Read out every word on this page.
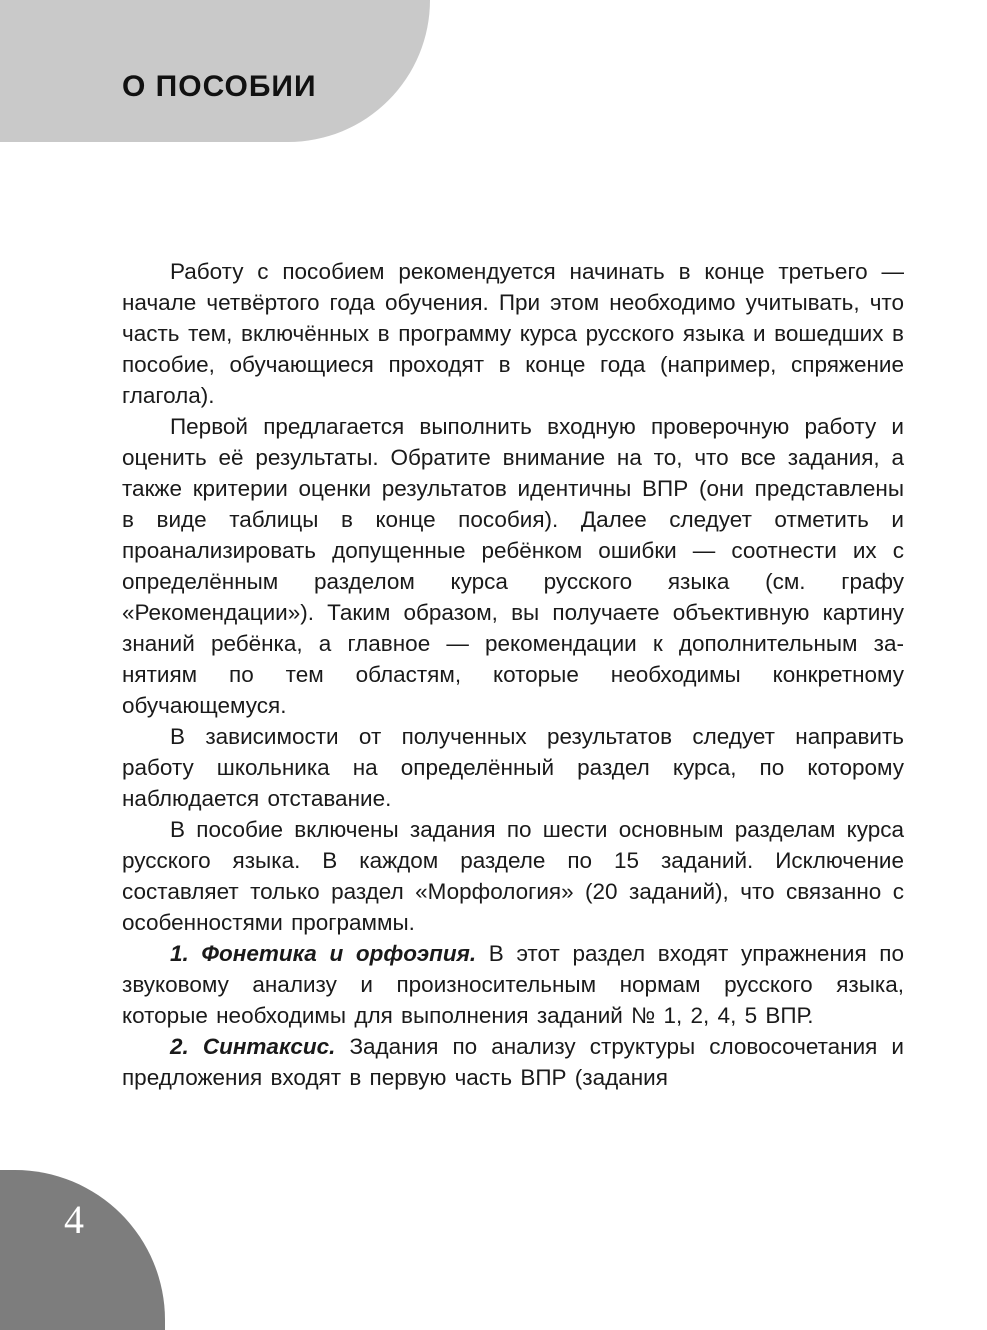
О ПОСОБИИ

Работу с пособием рекомендуется начинать в конце третьего — начале четвёртого года обучения. При этом необходимо учитывать, что часть тем, включённых в программу курса русского языка и вошедших в пособие, обучающиеся проходят в конце года (например, спряжение глагола).

Первой предлагается выполнить входную проверочную работу и оценить её результаты. Обратите внимание на то, что все задания, а также критерии оценки результатов идентичны ВПР (они представлены в виде таблицы в конце пособия). Далее следует отметить и проанализировать допущенные ребёнком ошибки — соотнести их с определённым разделом курса русского языка (см. графу «Рекомендации»). Таким образом, вы получаете объективную картину знаний ребёнка, а главное — рекомендации к дополнительным занятиям по тем областям, которые необходимы конкретному обучающемуся.

В зависимости от полученных результатов следует направить работу школьника на определённый раздел курса, по которому наблюдается отставание.

В пособие включены задания по шести основным разделам курса русского языка. В каждом разделе по 15 заданий. Исключение составляет только раздел «Морфология» (20 заданий), что связанно с особенностями программы.

1. Фонетика и орфоэпия. В этот раздел входят упражнения по звуковому анализу и произносительным нормам русского языка, которые необходимы для выполнения заданий № 1, 2, 4, 5 ВПР.

2. Синтаксис. Задания по анализу структуры словосочетания и предложения входят в первую часть ВПР (задания

4
